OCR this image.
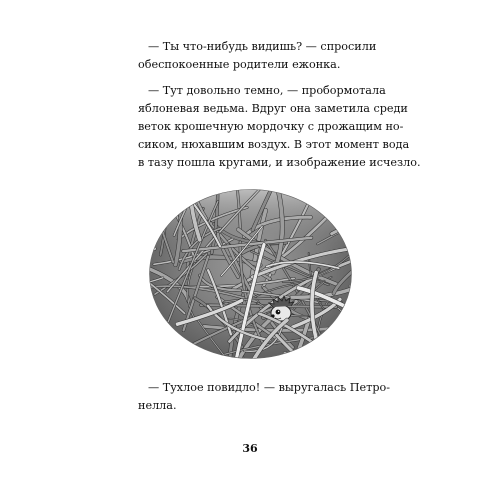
— Ты что-нибудь видишь? — спросили
обеспокоенные родители ежонка.

— Тут довольно темно, — пробормотала
яблоневая ведьма. Вдруг она заметила среди
веток крошечную мордочку с дрожащим но-
сиком, нюхавшим воздух. В этот момент вода
в тазу пошла кругами, и изображение исчезло.

— Тухлое повидло! — выругалась Петро-
нелла.

36
